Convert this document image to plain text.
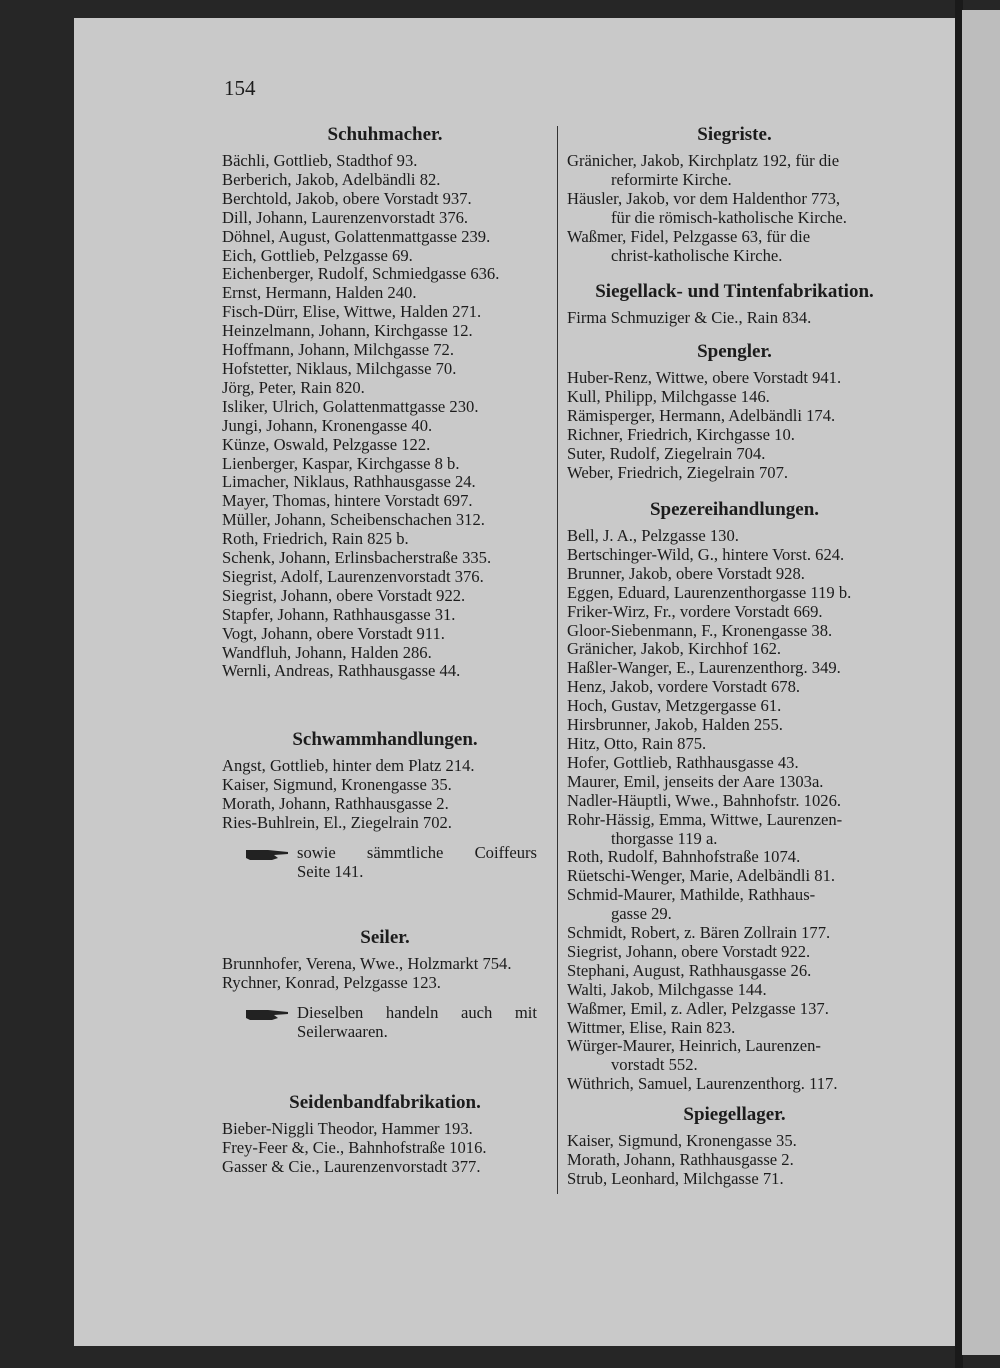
154
Schuhmacher.
Bächli, Gottlieb, Stadthof 93.
Berberich, Jakob, Adelbändli 82.
Berchtold, Jakob, obere Vorstadt 937.
Dill, Johann, Laurenzenvorstadt 376.
Döhnel, August, Golattenmattgasse 239.
Eich, Gottlieb, Pelzgasse 69.
Eichenberger, Rudolf, Schmiedgasse 636.
Ernst, Hermann, Halden 240.
Fisch-Dürr, Elise, Wittwe, Halden 271.
Heinzelmann, Johann, Kirchgasse 12.
Hoffmann, Johann, Milchgasse 72.
Hofstetter, Niklaus, Milchgasse 70.
Jörg, Peter, Rain 820.
Isliker, Ulrich, Golattenmattgasse 230.
Jungi, Johann, Kronengasse 40.
Künze, Oswald, Pelzgasse 122.
Lienberger, Kaspar, Kirchgasse 8 b.
Limacher, Niklaus, Rathhausgasse 24.
Mayer, Thomas, hintere Vorstadt 697.
Müller, Johann, Scheibenschachen 312.
Roth, Friedrich, Rain 825 b.
Schenk, Johann, Erlinsbacherstraße 335.
Siegrist, Adolf, Laurenzenvorstadt 376.
Siegrist, Johann, obere Vorstadt 922.
Stapfer, Johann, Rathhausgasse 31.
Vogt, Johann, obere Vorstadt 911.
Wandfluh, Johann, Halden 286.
Wernli, Andreas, Rathhausgasse 44.
Schwammhandlungen.
Angst, Gottlieb, hinter dem Platz 214.
Kaiser, Sigmund, Kronengasse 35.
Morath, Johann, Rathhausgasse 2.
Ries-Buhlrein, El., Ziegelrain 702.
sowie sämmtliche Coiffeurs
Seite 141.
Seiler.
Brunnhofer, Verena, Wwe., Holzmarkt 754.
Rychner, Konrad, Pelzgasse 123.
Dieselben handeln auch mit
Seilerwaaren.
Seidenbandfabrikation.
Bieber-Niggli Theodor, Hammer 193.
Frey-Feer &, Cie., Bahnhofstraße 1016.
Gasser & Cie., Laurenzenvorstadt 377.
Siegriste.
Gränicher, Jakob, Kirchplatz 192, für die
reformirte Kirche.
Häusler, Jakob, vor dem Haldenthor 773,
für die römisch-katholische Kirche.
Waßmer, Fidel, Pelzgasse 63, für die
christ-katholische Kirche.
Siegellack- und Tintenfabrikation.
Firma Schmuziger & Cie., Rain 834.
Spengler.
Huber-Renz, Wittwe, obere Vorstadt 941.
Kull, Philipp, Milchgasse 146.
Rämisperger, Hermann, Adelbändli 174.
Richner, Friedrich, Kirchgasse 10.
Suter, Rudolf, Ziegelrain 704.
Weber, Friedrich, Ziegelrain 707.
Spezereihandlungen.
Bell, J. A., Pelzgasse 130.
Bertschinger-Wild, G., hintere Vorst. 624.
Brunner, Jakob, obere Vorstadt 928.
Eggen, Eduard, Laurenzenthorgasse 119 b.
Friker-Wirz, Fr., vordere Vorstadt 669.
Gloor-Siebenmann, F., Kronengasse 38.
Gränicher, Jakob, Kirchhof 162.
Haßler-Wanger, E., Laurenzenthorg. 349.
Henz, Jakob, vordere Vorstadt 678.
Hoch, Gustav, Metzgergasse 61.
Hirsbrunner, Jakob, Halden 255.
Hitz, Otto, Rain 875.
Hofer, Gottlieb, Rathhausgasse 43.
Maurer, Emil, jenseits der Aare 1303a.
Nadler-Häuptli, Wwe., Bahnhofstr. 1026.
Rohr-Hässig, Emma, Wittwe, Laurenzen-
thorgasse 119 a.
Roth, Rudolf, Bahnhofstraße 1074.
Rüetschi-Wenger, Marie, Adelbändli 81.
Schmid-Maurer, Mathilde, Rathhaus-
gasse 29.
Schmidt, Robert, z. Bären Zollrain 177.
Siegrist, Johann, obere Vorstadt 922.
Stephani, August, Rathhausgasse 26.
Walti, Jakob, Milchgasse 144.
Waßmer, Emil, z. Adler, Pelzgasse 137.
Wittmer, Elise, Rain 823.
Würger-Maurer, Heinrich, Laurenzen-
vorstadt 552.
Wüthrich, Samuel, Laurenzenthorg. 117.
Spiegellager.
Kaiser, Sigmund, Kronengasse 35.
Morath, Johann, Rathhausgasse 2.
Strub, Leonhard, Milchgasse 71.
